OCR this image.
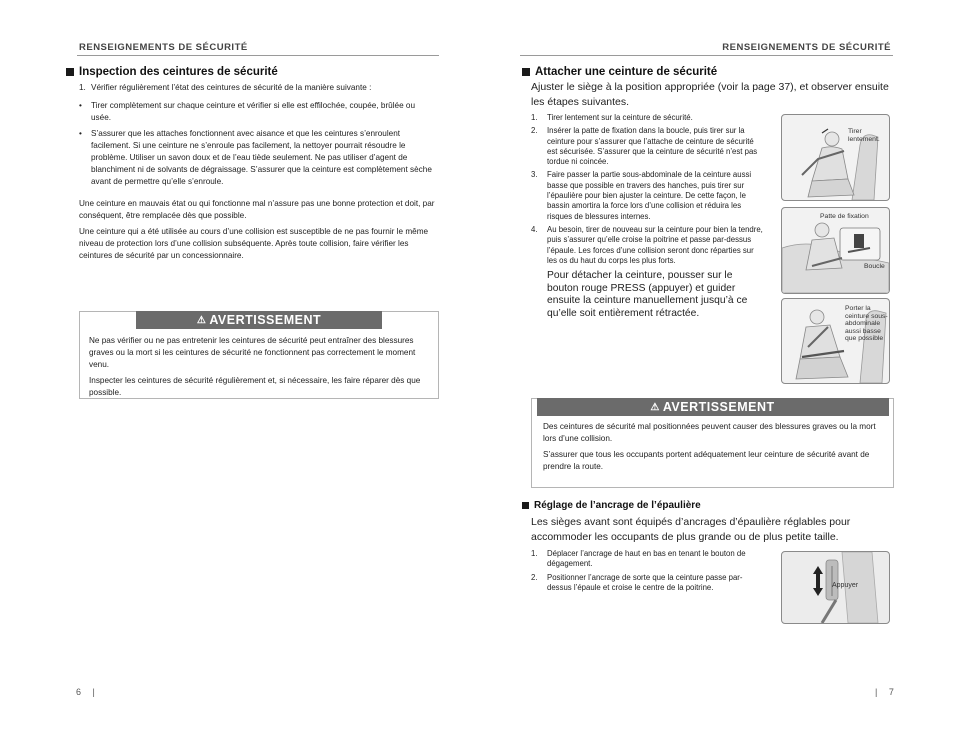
RENSEIGNEMENTS DE SÉCURITÉ
Inspection des ceintures de sécurité
1. Vérifier régulièrement l’état des ceintures de sécurité de la manière suivante :
• Tirer complètement sur chaque ceinture et vérifier si elle est effilochée, coupée, brûlée ou usée.
• S’assurer que les attaches fonctionnent avec aisance et que les ceintures s’enroulent facilement. Si une ceinture ne s’enroule pas facilement, la nettoyer pourrait résoudre le problème. Utiliser un savon doux et de l’eau tiède seulement. Ne pas utiliser d’agent de blanchiment ni de solvants de dégraissage. S’assurer que la ceinture est complètement sèche avant de permettre qu’elle s’enroule.

Une ceinture en mauvais état ou qui fonctionne mal n’assure pas une bonne protection et doit, par conséquent, être remplacée dès que possible.

Une ceinture qui a été utilisée au cours d’une collision est susceptible de ne pas fournir le même niveau de protection lors d’une collision subséquente. Après toute collision, faire vérifier les ceintures de sécurité par un concessionnaire.

⚠ AVERTISSEMENT

Ne pas vérifier ou ne pas entretenir les ceintures de sécurité peut entraîner des blessures graves ou la mort si les ceintures de sécurité ne fonctionnent pas correctement le moment venu.

Inspecter les ceintures de sécurité régulièrement et, si nécessaire, les faire réparer dès que possible.

6 |
RENSEIGNEMENTS DE SÉCURITÉ
Attacher une ceinture de sécurité
Ajuster le siège à la position appropriée (voir la page 37), et observer ensuite les étapes suivantes.
1. Tirer lentement sur la ceinture de sécurité.
2. Insérer la patte de fixation dans la boucle, puis tirer sur la ceinture pour s’assurer que l’attache de ceinture de sécurité est sécurisée. S’assurer que la ceinture de sécurité n’est pas tordue ni coincée.
3. Faire passer la partie sous-abdominale de la ceinture aussi basse que possible en travers des hanches, puis tirer sur l’épaulière pour bien ajuster la ceinture. De cette façon, le bassin amortira la force lors d’une collision et réduira les risques de blessures internes.
4. Au besoin, tirer de nouveau sur la ceinture pour bien la tendre, puis s’assurer qu’elle croise la poitrine et passe par-dessus l’épaule. Les forces d’une collision seront donc réparties sur les os du haut du corps les plus forts.

Pour détacher la ceinture, pousser sur le bouton rouge PRESS (appuyer) et guider ensuite la ceinture manuellement jusqu’à ce qu’elle soit entièrement rétractée.

Tirer lentement.
Patte de fixation
Boucle
Porter la ceinture sous-abdominale aussi basse que possible
⚠ AVERTISSEMENT

Des ceintures de sécurité mal positionnées peuvent causer des blessures graves ou la mort lors d’une collision.

S’assurer que tous les occupants portent adéquatement leur ceinture de sécurité avant de prendre la route.

Réglage de l’ancrage de l’épaulière
Les sièges avant sont équipés d’ancrages d’épaulière réglables pour accommoder les occupants de plus grande ou de plus petite taille.
1. Déplacer l’ancrage de haut en bas en tenant le bouton de dégagement.
2. Positionner l’ancrage de sorte que la ceinture passe par-dessus l’épaule et croise le centre de la poitrine.	Appuyer
| 7
